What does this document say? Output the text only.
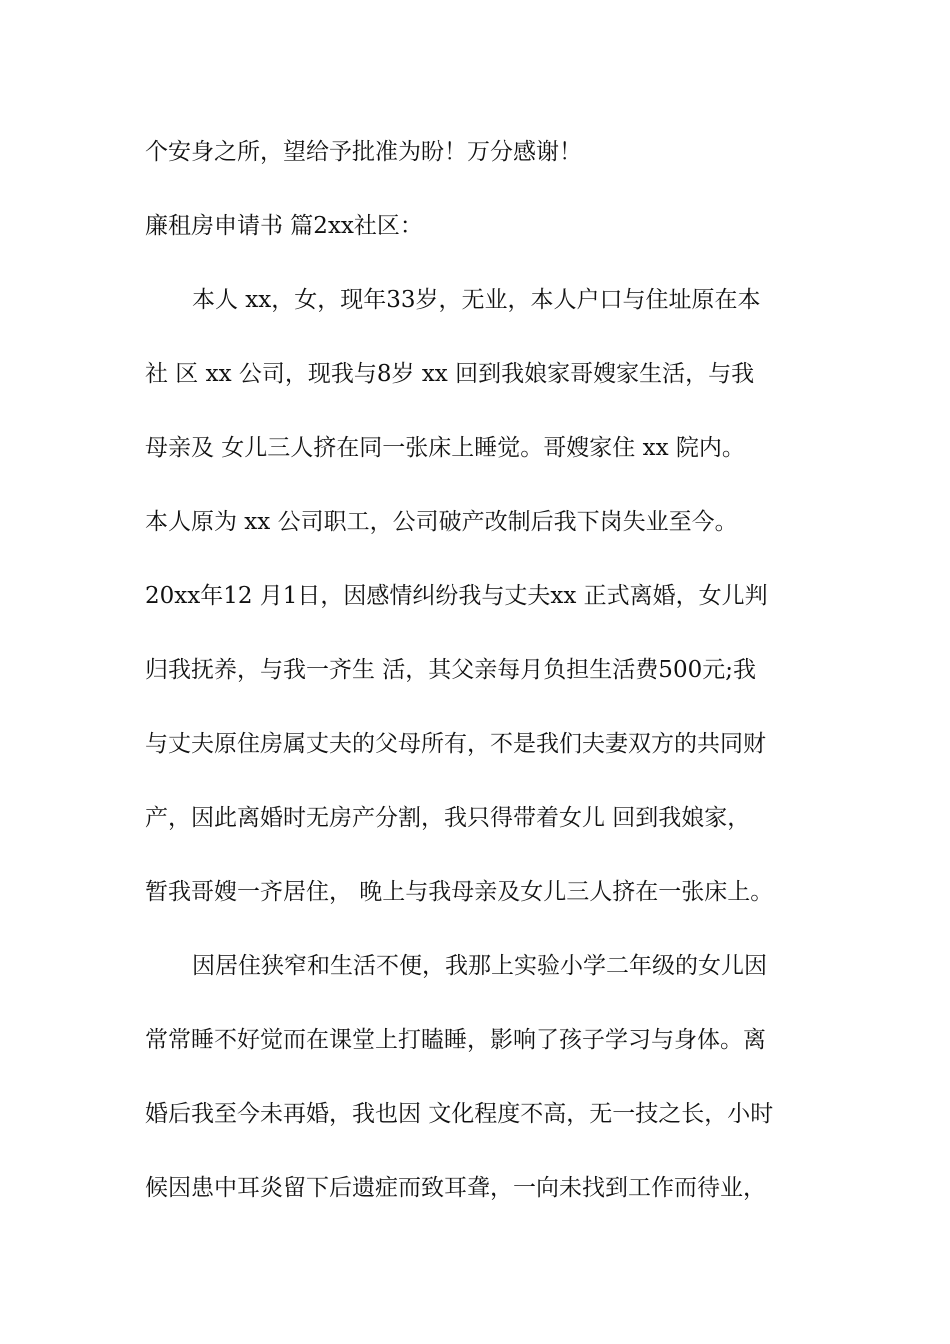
个安身之所，望给予批准为盼！万分感谢！
廉租房申请书 篇2xx社区：
本人 xx，女，现年33岁，无业，本人户口与住址原在本
社 区 xx 公司，现我与8岁 xx 回到我娘家哥嫂家生活，与我
母亲及 女儿三人挤在同一张床上睡觉。哥嫂家住 xx 院内。
本人原为 xx 公司职工，公司破产改制后我下岗失业至今。
20xx年12 月1日，因感情纠纷我与丈夫xx 正式离婚，女儿判
归我抚养，与我一齐生 活，其父亲每月负担生活费500元;我
与丈夫原住房属丈夫的父母所有，不是我们夫妻双方的共同财
产，因此离婚时无房产分割，我只得带着女儿 回到我娘家，
暂我哥嫂一齐居住， 晚上与我母亲及女儿三人挤在一张床上。
因居住狭窄和生活不便，我那上实验小学二年级的女儿因
常常睡不好觉而在课堂上打瞌睡，影响了孩子学习与身体。离
婚后我至今未再婚，我也因 文化程度不高，无一技之长，小时
候因患中耳炎留下后遗症而致耳聋，一向未找到工作而待业，
